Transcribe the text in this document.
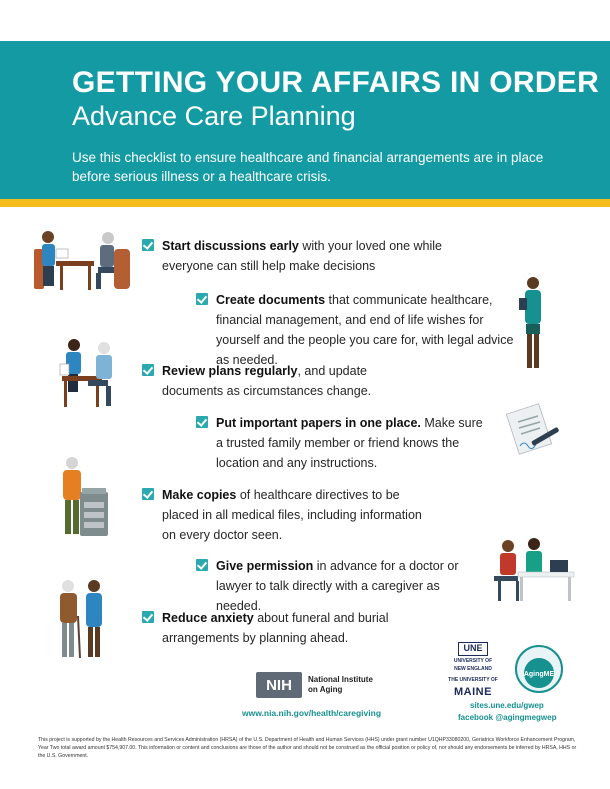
GETTING YOUR AFFAIRS IN ORDER
Advance Care Planning
Use this checklist to ensure healthcare and financial arrangements are in place before serious illness or a healthcare crisis.
Start discussions early with your loved one while everyone can still help make decisions
Create documents that communicate healthcare, financial management, and end of life wishes for yourself and the people you care for, with legal advice as needed.
Review plans regularly, and update documents as circumstances change.
Put important papers in one place. Make sure a trusted family member or friend knows the location and any instructions.
Make copies of healthcare directives to be placed in all medical files, including information on every doctor seen.
Give permission in advance for a doctor or lawyer to talk directly with a caregiver as needed.
Reduce anxiety about funeral and burial arrangements by planning ahead.
NIH	National Institute
on Aging
www.nia.nih.gov/health/caregiving
UNE
UNIVERSITY OF
NEW ENGLAND
THE UNIVERSITY OF
MAINE
AgingME
sites.une.edu/gwep
facebook @agingmegwep
This project is supported by the Health Resources and Services Administration (HRSA) of the U.S. Department of Health and Human Services (HHS) under grant number U1QHP33080200, Geriatrics Workforce Enhancement Program, Year Two total award amount $754,907.00. This information or content and conclusions are those of the author and should not be construed as the official position or policy of, nor should any endorsements be inferred by HRSA, HHS or the U.S. Government.
